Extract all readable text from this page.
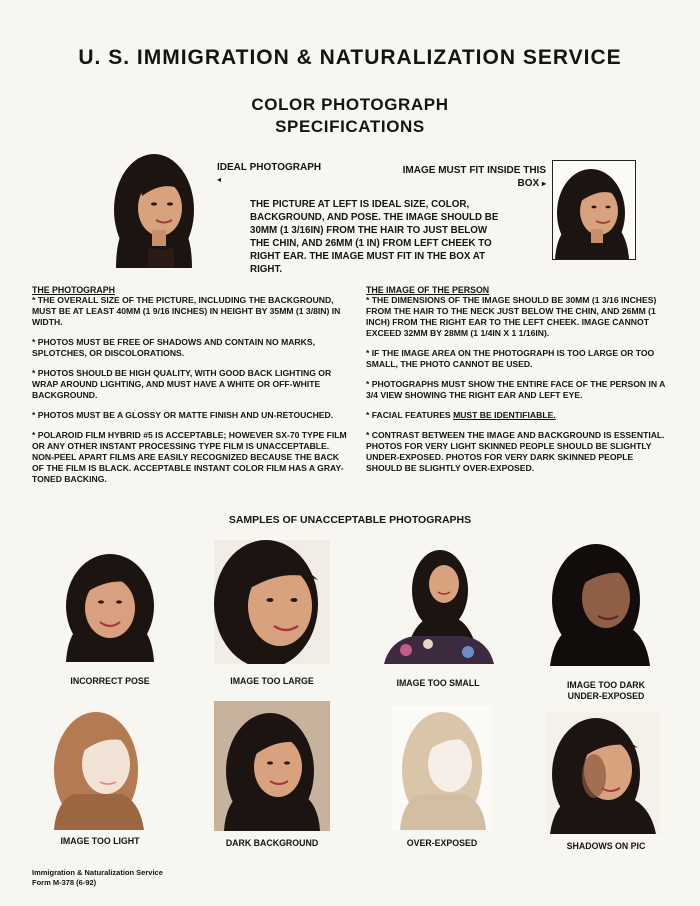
U. S. IMMIGRATION & NATURALIZATION SERVICE

COLOR PHOTOGRAPH

SPECIFICATIONS

IDEAL PHOTOGRAPH
◂
IMAGE MUST FIT INSIDE THIS
BOX ▸
THE PICTURE AT LEFT IS IDEAL SIZE, COLOR, BACKGROUND, AND POSE. THE IMAGE SHOULD BE 30MM (1 3/16IN) FROM THE HAIR TO JUST BELOW THE CHIN, AND 26MM (1 IN) FROM LEFT CHEEK TO RIGHT EAR. THE IMAGE MUST FIT IN THE BOX AT RIGHT.

THE PHOTOGRAPH

* THE OVERALL SIZE OF THE PICTURE, INCLUDING THE BACKGROUND, MUST BE AT LEAST 40MM (1 9/16 INCHES) IN HEIGHT BY 35MM (1 3/8IN) IN WIDTH.

* PHOTOS MUST BE FREE OF SHADOWS AND CONTAIN NO MARKS, SPLOTCHES, OR DISCOLORATIONS.

* PHOTOS SHOULD BE HIGH QUALITY, WITH GOOD BACK LIGHTING OR WRAP AROUND LIGHTING, AND MUST HAVE A WHITE OR OFF-WHITE BACKGROUND.

* PHOTOS MUST BE A GLOSSY OR MATTE FINISH AND UN-RETOUCHED.

* POLAROID FILM HYBRID #5 IS ACCEPTABLE; HOWEVER SX-70 TYPE FILM OR ANY OTHER INSTANT PROCESSING TYPE FILM IS UNACCEPTABLE. NON-PEEL APART FILMS ARE EASILY RECOGNIZED BECAUSE THE BACK OF THE FILM IS BLACK. ACCEPTABLE INSTANT COLOR FILM HAS A GRAY-TONED BACKING.

THE IMAGE OF THE PERSON

* THE DIMENSIONS OF THE IMAGE SHOULD BE 30MM (1 3/16 INCHES) FROM THE HAIR TO THE NECK JUST BELOW THE CHIN, AND 26MM (1 INCH) FROM THE RIGHT EAR TO THE LEFT CHEEK. IMAGE CANNOT EXCEED 32MM BY 28MM (1 1/4IN X 1 1/16IN).

* IF THE IMAGE AREA ON THE PHOTOGRAPH IS TOO LARGE OR TOO SMALL, THE PHOTO CANNOT BE USED.

* PHOTOGRAPHS MUST SHOW THE ENTIRE FACE OF THE PERSON IN A 3/4 VIEW SHOWING THE RIGHT EAR AND LEFT EYE.

* FACIAL FEATURES MUST BE IDENTIFIABLE.

* CONTRAST BETWEEN THE IMAGE AND BACKGROUND IS ESSENTIAL. PHOTOS FOR VERY LIGHT SKINNED PEOPLE SHOULD BE SLIGHTLY UNDER-EXPOSED. PHOTOS FOR VERY DARK SKINNED PEOPLE SHOULD BE SLIGHTLY OVER-EXPOSED.

SAMPLES OF UNACCEPTABLE PHOTOGRAPHS
INCORRECT POSE	IMAGE TOO LARGE	IMAGE TOO SMALL	IMAGE TOO DARK
UNDER-EXPOSED
IMAGE TOO LIGHT	DARK BACKGROUND	OVER-EXPOSED	SHADOWS ON PIC
Immigration & Naturalization Service
Form M-378 (6-92)
